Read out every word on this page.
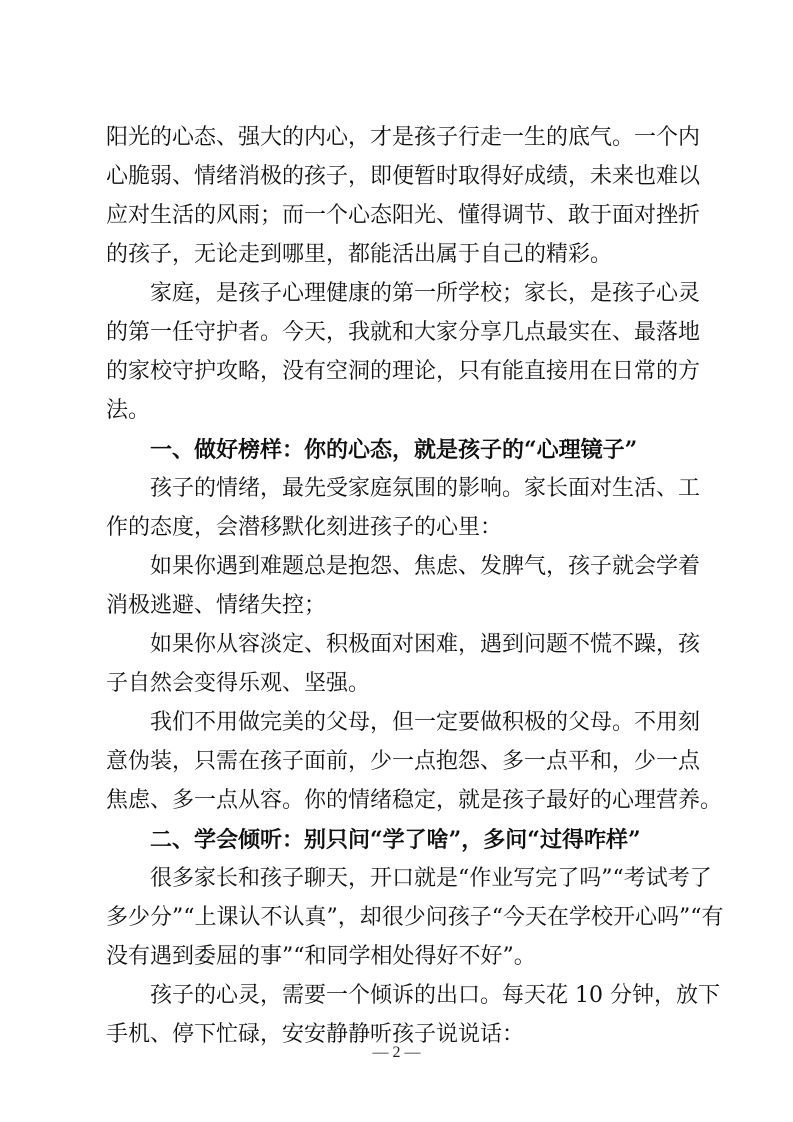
阳光的心态、强大的内心，才是孩子行走一生的底气。一个内
心脆弱、情绪消极的孩子，即便暂时取得好成绩，未来也难以
应对生活的风雨；而一个心态阳光、懂得调节、敢于面对挫折
的孩子，无论走到哪里，都能活出属于自己的精彩。
家庭，是孩子心理健康的第一所学校；家长，是孩子心灵
的第一任守护者。今天，我就和大家分享几点最实在、最落地
的家校守护攻略，没有空洞的理论，只有能直接用在日常的方
法。
一、做好榜样：你的心态，就是孩子的“心理镜子”
孩子的情绪，最先受家庭氛围的影响。家长面对生活、工
作的态度，会潜移默化刻进孩子的心里：
如果你遇到难题总是抱怨、焦虑、发脾气，孩子就会学着
消极逃避、情绪失控；
如果你从容淡定、积极面对困难，遇到问题不慌不躁，孩
子自然会变得乐观、坚强。
我们不用做完美的父母，但一定要做积极的父母。不用刻
意伪装，只需在孩子面前，少一点抱怨、多一点平和，少一点
焦虑、多一点从容。你的情绪稳定，就是孩子最好的心理营养。
二、学会倾听：别只问“学了啥”，多问“过得咋样”
很多家长和孩子聊天，开口就是“作业写完了吗”“考试考了
多少分”“上课认不认真”，却很少问孩子“今天在学校开心吗”“有
没有遇到委屈的事”“和同学相处得好不好”。
孩子的心灵，需要一个倾诉的出口。每天花 10 分钟，放下
手机、停下忙碌，安安静静听孩子说说话：
— 2 —
